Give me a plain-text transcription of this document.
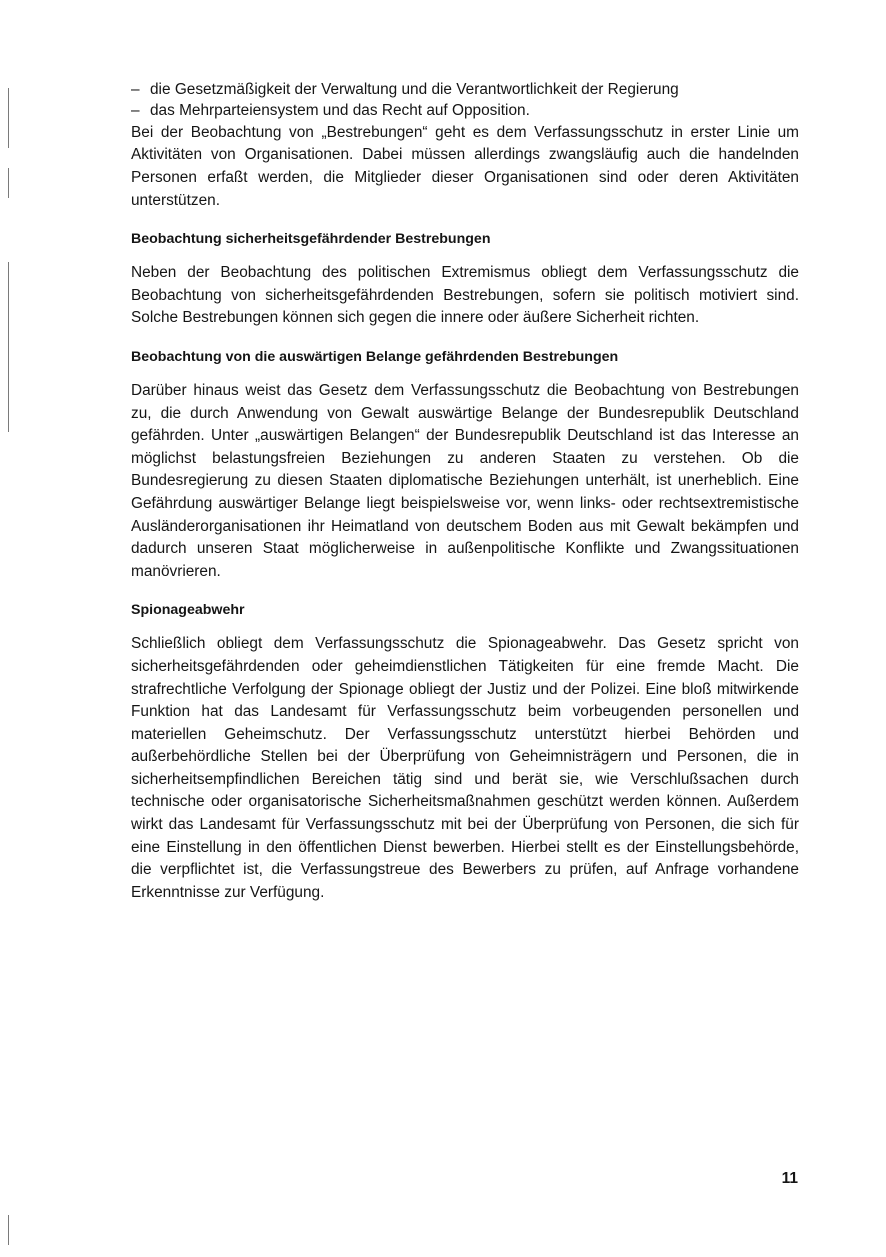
– die Gesetzmäßigkeit der Verwaltung und die Verantwortlichkeit der Regierung
– das Mehrparteiensystem und das Recht auf Opposition.

Bei der Beobachtung von „Bestrebungen“ geht es dem Verfassungsschutz in erster Linie um Aktivitäten von Organisationen. Dabei müssen allerdings zwangsläufig auch die handelnden Personen erfaßt werden, die Mitglieder dieser Organisationen sind oder deren Aktivitäten unterstützen.

Beobachtung sicherheitsgefährdender Bestrebungen

Neben der Beobachtung des politischen Extremismus obliegt dem Verfassungsschutz die Beobachtung von sicherheitsgefährdenden Bestrebungen, sofern sie politisch motiviert sind. Solche Bestrebungen können sich gegen die innere oder äußere Sicherheit richten.

Beobachtung von die auswärtigen Belange gefährdenden Bestrebungen

Darüber hinaus weist das Gesetz dem Verfassungsschutz die Beobachtung von Bestrebungen zu, die durch Anwendung von Gewalt auswärtige Belange der Bundesrepublik Deutschland gefährden. Unter „auswärtigen Belangen“ der Bundesrepublik Deutschland ist das Interesse an möglichst belastungsfreien Beziehungen zu anderen Staaten zu verstehen. Ob die Bundesregierung zu diesen Staaten diplomatische Beziehungen unterhält, ist unerheblich. Eine Gefährdung auswärtiger Belange liegt beispielsweise vor, wenn links- oder rechtsextremistische Ausländerorganisationen ihr Heimatland von deutschem Boden aus mit Gewalt bekämpfen und dadurch unseren Staat möglicherweise in außenpolitische Konflikte und Zwangssituationen manövrieren.

Spionageabwehr

Schließlich obliegt dem Verfassungsschutz die Spionageabwehr. Das Gesetz spricht von sicherheitsgefährdenden oder geheimdienstlichen Tätigkeiten für eine fremde Macht. Die strafrechtliche Verfolgung der Spionage obliegt der Justiz und der Polizei. Eine bloß mitwirkende Funktion hat das Landesamt für Verfassungsschutz beim vorbeugenden personellen und materiellen Geheimschutz. Der Verfassungsschutz unterstützt hierbei Behörden und außerbehördliche Stellen bei der Überprüfung von Geheimnisträgern und Personen, die in sicherheitsempfindlichen Bereichen tätig sind und berät sie, wie Verschlußsachen durch technische oder organisatorische Sicherheitsmaßnahmen geschützt werden können. Außerdem wirkt das Landesamt für Verfassungsschutz mit bei der Überprüfung von Personen, die sich für eine Einstellung in den öffentlichen Dienst bewerben. Hierbei stellt es der Einstellungsbehörde, die verpflichtet ist, die Verfassungstreue des Bewerbers zu prüfen, auf Anfrage vorhandene Erkenntnisse zur Verfügung.

11
